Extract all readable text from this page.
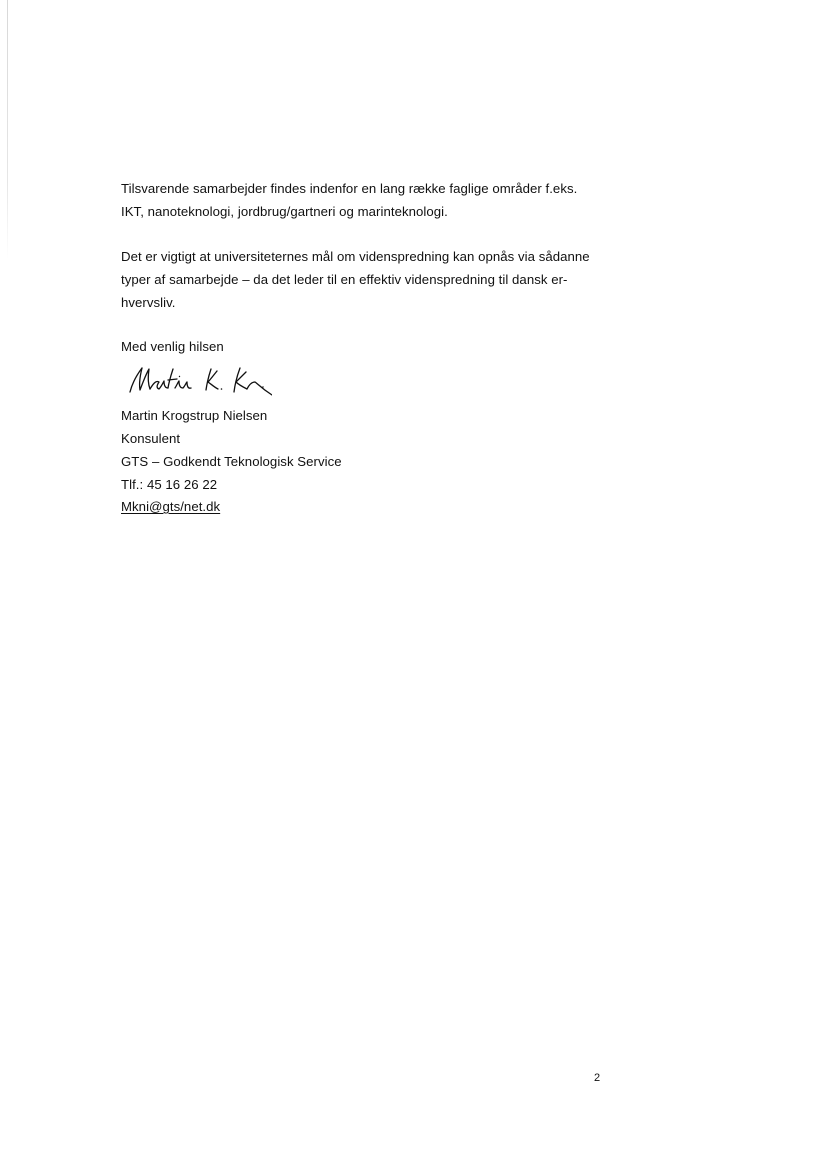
Tilsvarende samarbejder findes indenfor en lang række faglige områder f.eks.
IKT, nanoteknologi, jordbrug/gartneri og marinteknologi.
Det er vigtigt at universiteternes mål om videnspredning kan opnås via sådanne
typer af samarbejde – da det leder til en effektiv videnspredning til dansk er-
hvervsliv.
Med venlig hilsen
Martin Krogstrup Nielsen
Konsulent
GTS – Godkendt Teknologisk Service
Tlf.: 45 16 26 22
Mkni@gts/net.dk
2
